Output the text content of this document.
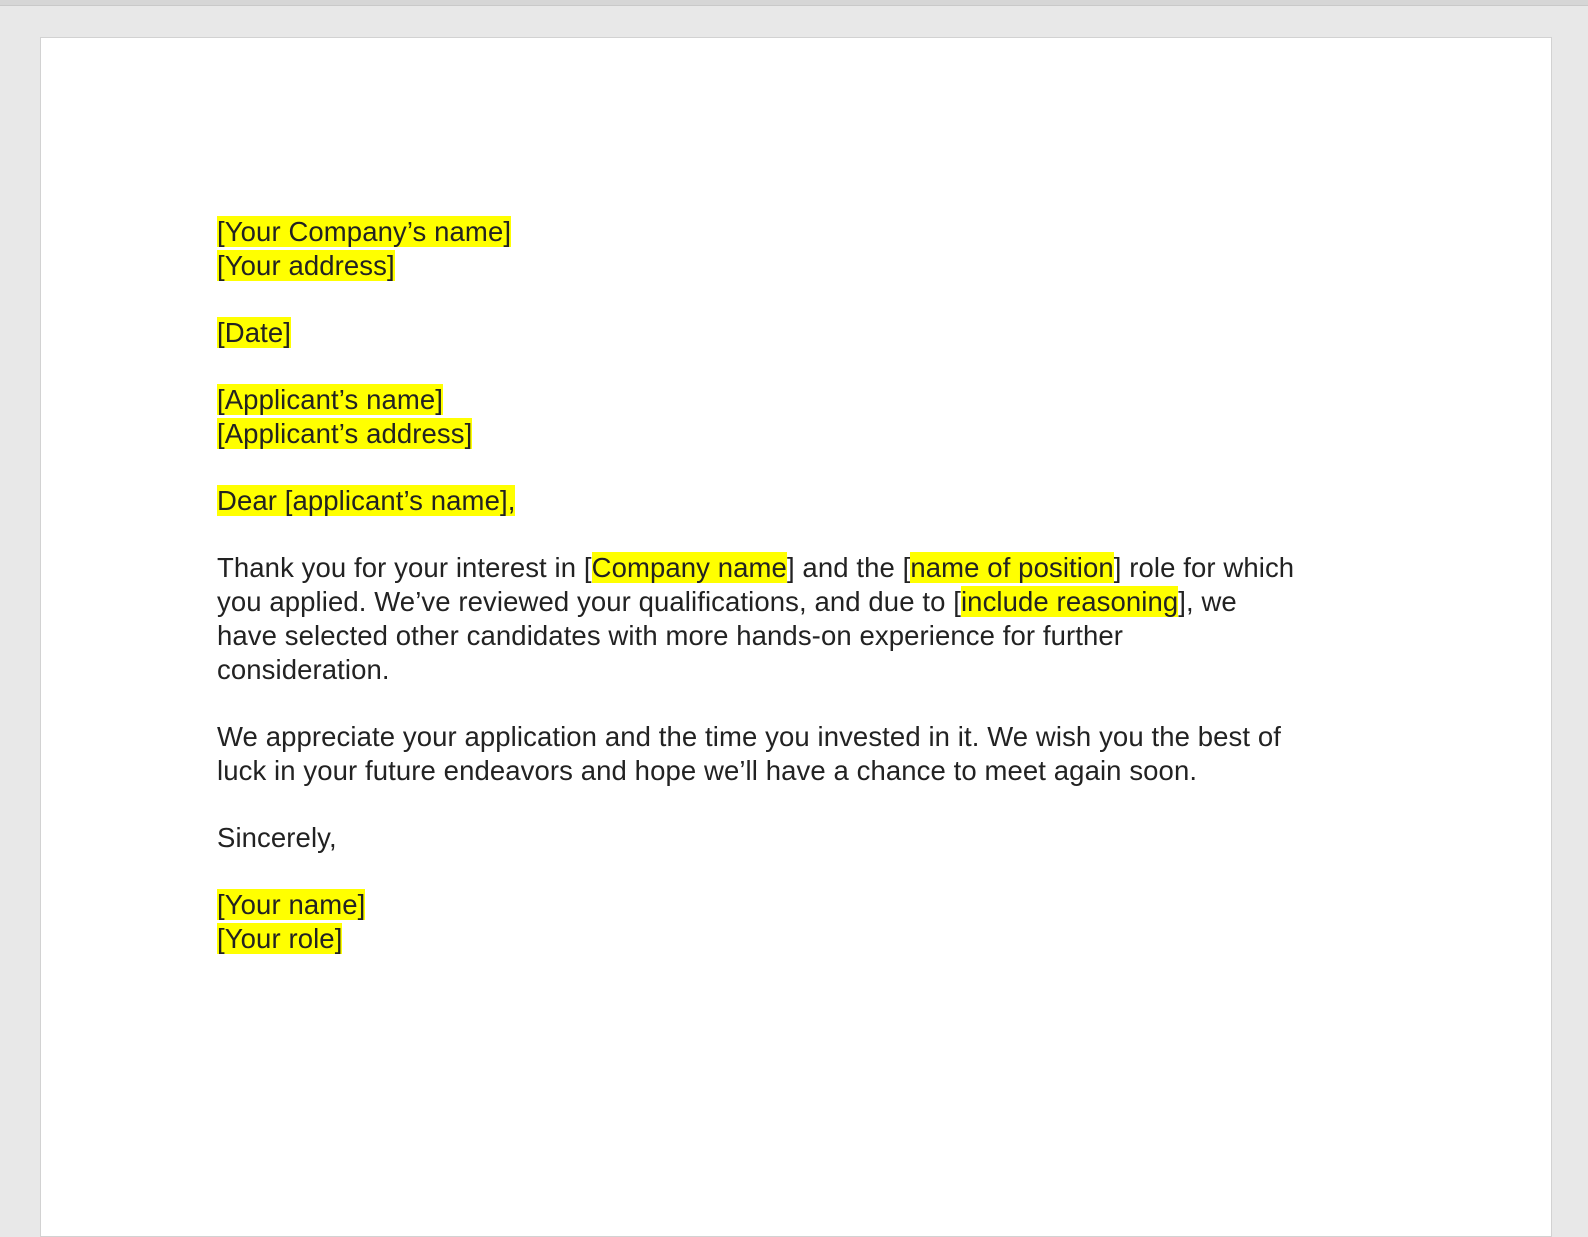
[Your Company’s name]
[Your address]
[Date]
[Applicant’s name]
[Applicant’s address]
Dear [applicant’s name],
Thank you for your interest in [Company name] and the [name of position] role for which
you applied. We’ve reviewed your qualifications, and due to [include reasoning], we
have selected other candidates with more hands-on experience for further
consideration.
We appreciate your application and the time you invested in it. We wish you the best of
luck in your future endeavors and hope we’ll have a chance to meet again soon.
Sincerely,
[Your name]
[Your role]
